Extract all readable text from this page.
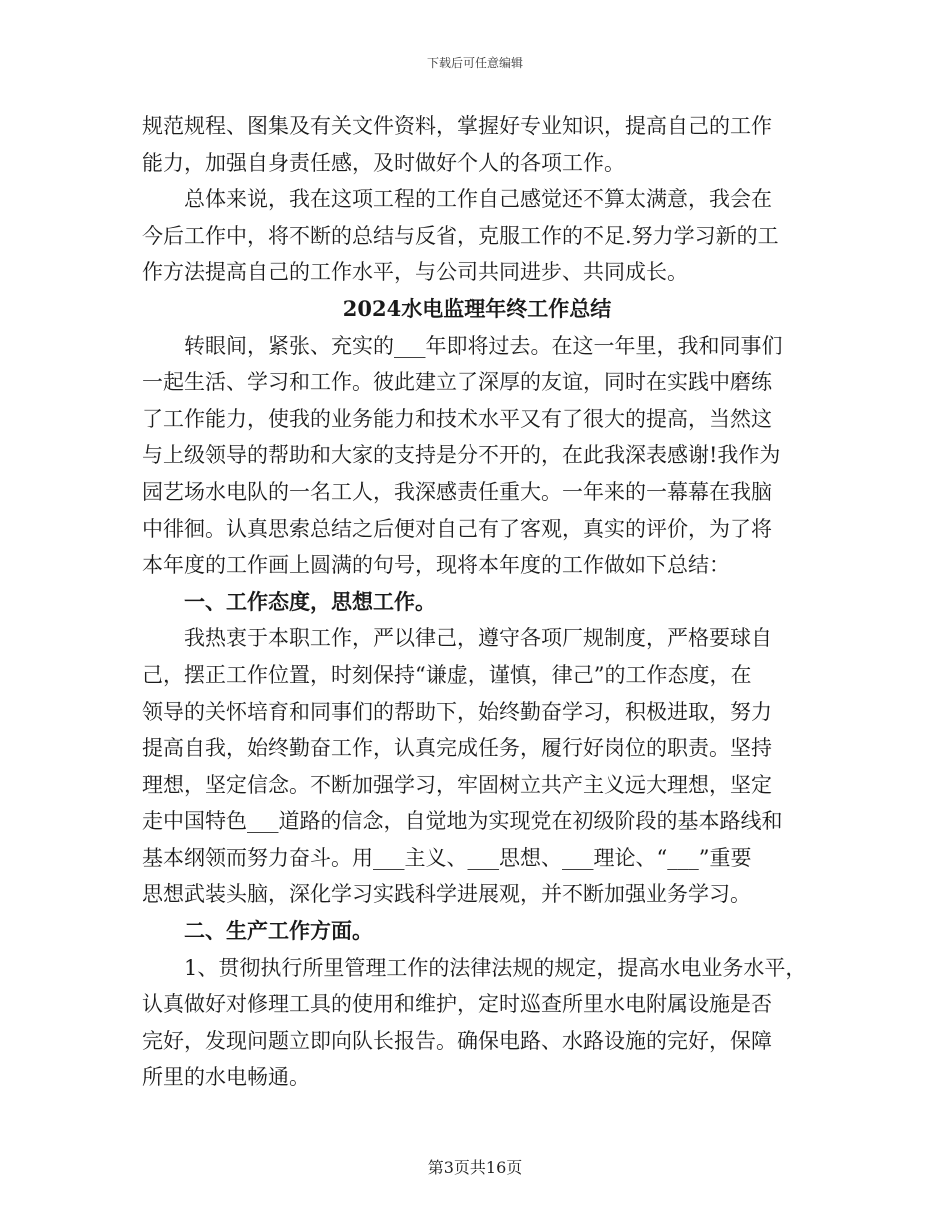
下载后可任意编辑
规范规程、图集及有关文件资料，掌握好专业知识，提高自己的工作
能力，加强自身责任感，及时做好个人的各项工作。
总体来说，我在这项工程的工作自己感觉还不算太满意，我会在
今后工作中，将不断的总结与反省，克服工作的不足.努力学习新的工
作方法提高自己的工作水平，与公司共同进步、共同成长。
2024水电监理年终工作总结
转眼间，紧张、充实的___年即将过去。在这一年里，我和同事们
一起生活、学习和工作。彼此建立了深厚的友谊，同时在实践中磨练
了工作能力，使我的业务能力和技术水平又有了很大的提高，当然这
与上级领导的帮助和大家的支持是分不开的，在此我深表感谢!我作为
园艺场水电队的一名工人，我深感责任重大。一年来的一幕幕在我脑
中徘徊。认真思索总结之后便对自己有了客观，真实的评价，为了将
本年度的工作画上圆满的句号，现将本年度的工作做如下总结：
一、工作态度，思想工作。
我热衷于本职工作，严以律己，遵守各项厂规制度，严格要球自
己，摆正工作位置，时刻保持“谦虚，谨慎，律己”的工作态度，在
领导的关怀培育和同事们的帮助下，始终勤奋学习，积极进取，努力
提高自我，始终勤奋工作，认真完成任务，履行好岗位的职责。坚持
理想，坚定信念。不断加强学习，牢固树立共产主义远大理想，坚定
走中国特色___道路的信念，自觉地为实现党在初级阶段的基本路线和
基本纲领而努力奋斗。用___主义、___思想、___理论、“___”重要
思想武装头脑，深化学习实践科学进展观，并不断加强业务学习。
二、生产工作方面。
1、贯彻执行所里管理工作的法律法规的规定，提高水电业务水平，
认真做好对修理工具的使用和维护，定时巡查所里水电附属设施是否
完好，发现问题立即向队长报告。确保电路、水路设施的完好，保障
所里的水电畅通。
第3页共16页
